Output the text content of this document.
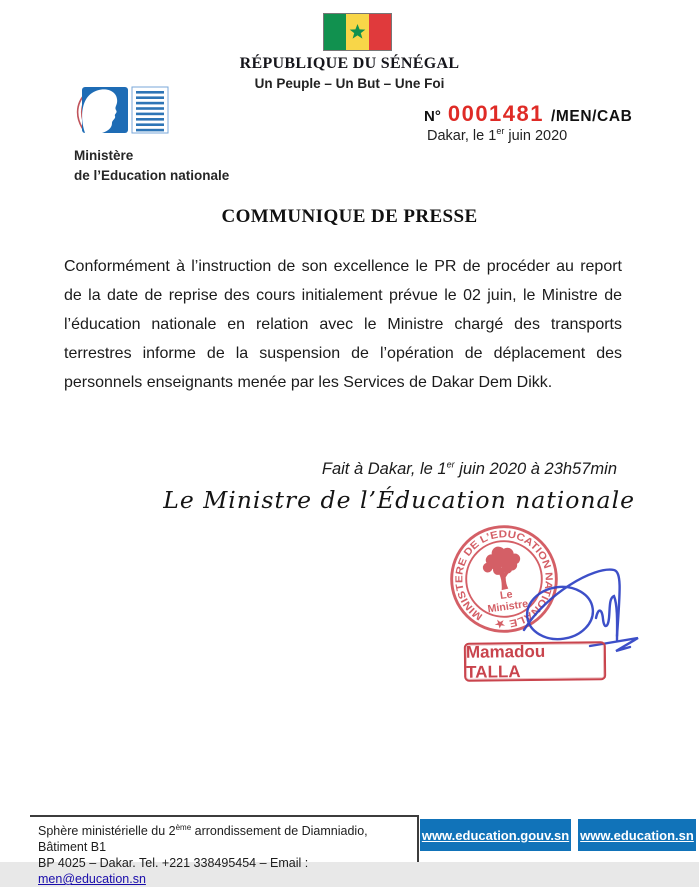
RÉPUBLIQUE DU SÉNÉGAL
Un Peuple – Un But – Une Foi
Ministère
de l’Education nationale
N° 0001481 /MEN/CAB
Dakar, le 1er juin 2020
COMMUNIQUE DE PRESSE
Conformément à l’instruction de son excellence le PR de procéder au report de la date de reprise des cours initialement prévue le 02 juin, le Ministre de l’éducation nationale en relation avec le Ministre chargé des transports terrestres informe de la suspension de l’opération de déplacement des personnels enseignants menée par les Services de Dakar Dem Dikk.
Fait à Dakar, le 1er juin 2020 à 23h57min
Le Ministre de l’Éducation nationale
MINISTERE DE L’EDUCATION NATIONALE ★
Le
Ministre
Mamadou TALLA
Sphère ministérielle du 2ème arrondissement de Diamniadio, Bâtiment B1
BP 4025 – Dakar. Tel. +221 338495454 – Email : men@education.sn
www.education.gouv.sn www.education.sn
